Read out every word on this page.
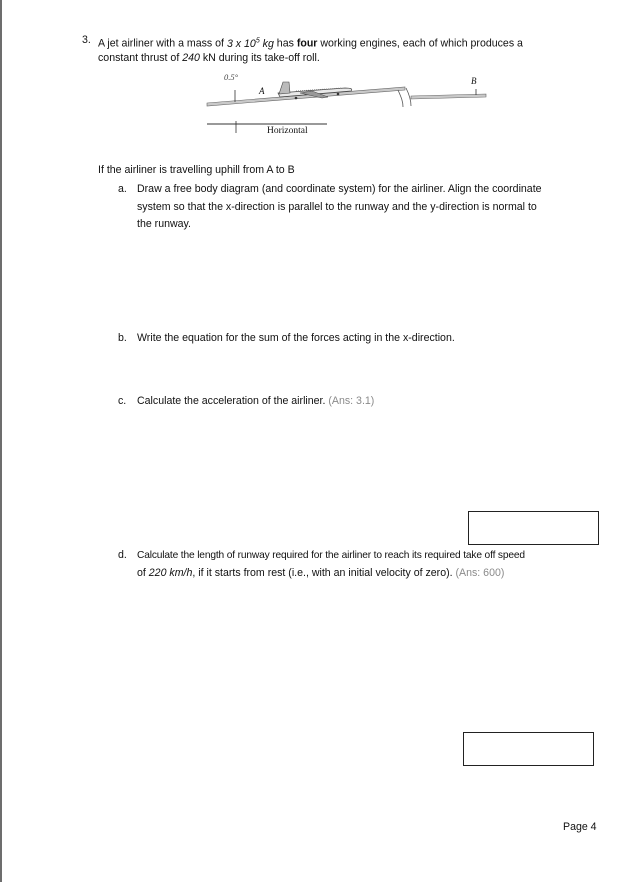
3. A jet airliner with a mass of 3 x $10^5$ kg has four working engines, each of which produces a
constant thrust of 240 kN during its take-off roll.
0.5°
A
B
Horizontal
If the airliner is travelling uphill from A to B
a. Draw a free body diagram (and coordinate system) for the airliner. Align the coordinate
system so that the x-direction is parallel to the runway and the y-direction is normal to
the runway.
b. Write the equation for the sum of the forces acting in the x-direction.
c. Calculate the acceleration of the airliner. (Ans: 3.1)
d. Calculate the length of runway required for the airliner to reach its required take off speed
of 220 km/h, if it starts from rest (i.e., with an initial velocity of zero). (Ans: 600)
Page 4
